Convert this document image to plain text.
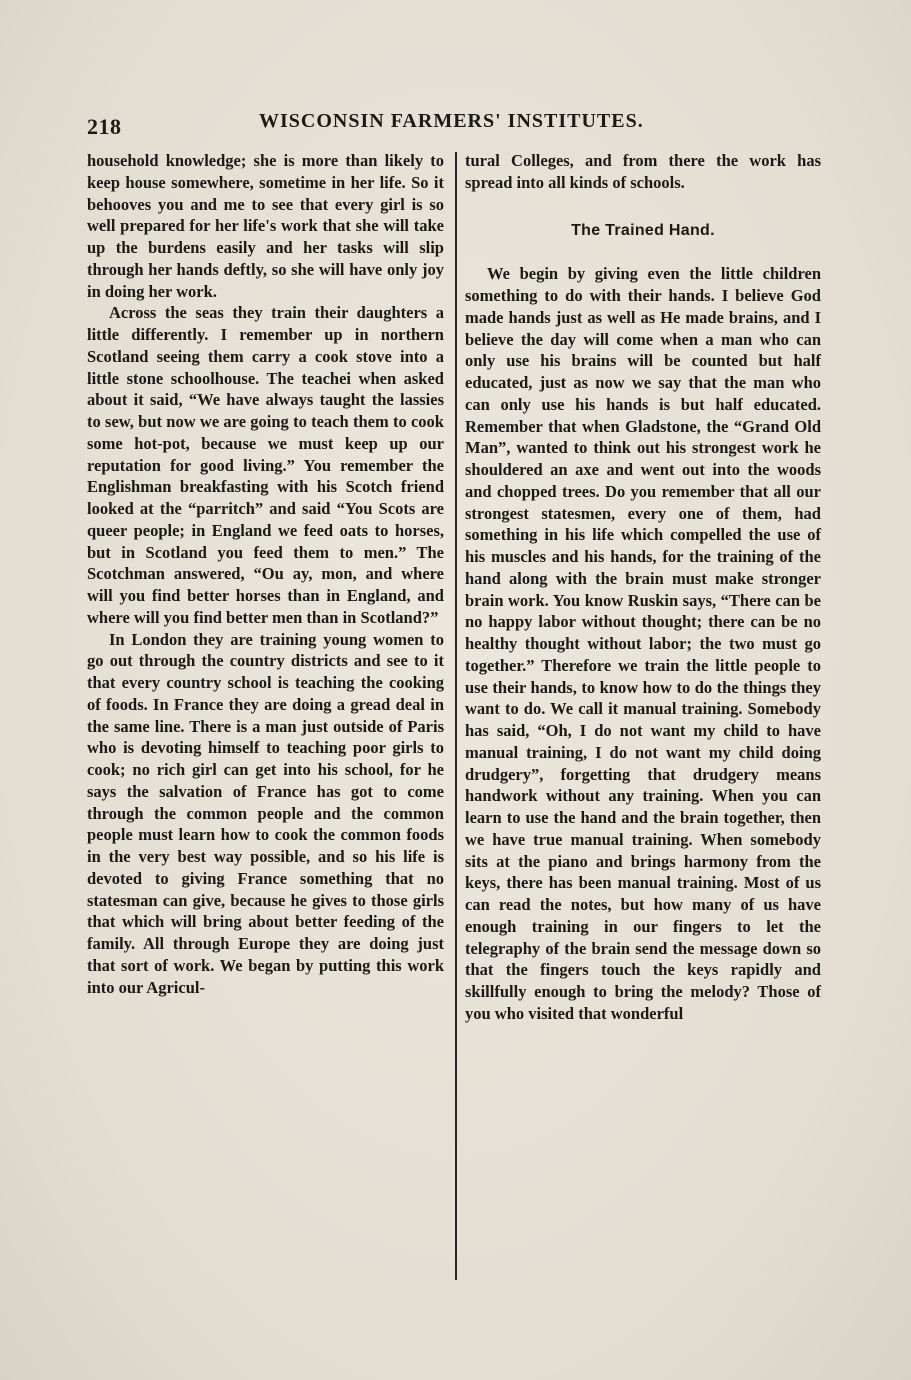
218	WISCONSIN FARMERS' INSTITUTES.

household knowledge; she is more than likely to keep house somewhere, sometime in her life. So it behooves you and me to see that every girl is so well prepared for her life's work that she will take up the burdens easily and her tasks will slip through her hands deftly, so she will have only joy in doing her work.

Across the seas they train their daughters a little differently. I remember up in northern Scotland seeing them carry a cook stove into a little stone schoolhouse. The teachei when asked about it said, “We have always taught the lassies to sew, but now we are going to teach them to cook some hot-pot, because we must keep up our reputation for good living.” You remember the Englishman breakfasting with his Scotch friend looked at the “parritch” and said “You Scots are queer people; in England we feed oats to horses, but in Scotland you feed them to men.” The Scotchman answered, “Ou ay, mon, and where will you find better horses than in England, and where will you find better men than in Scotland?”

In London they are training young women to go out through the country districts and see to it that every country school is teaching the cooking of foods. In France they are doing a gread deal in the same line. There is a man just outside of Paris who is devoting himself to teaching poor girls to cook; no rich girl can get into his school, for he says the salvation of France has got to come through the common people and the common people must learn how to cook the common foods in the very best way possible, and so his life is devoted to giving France something that no statesman can give, because he gives to those girls that which will bring about better feeding of the family. All through Europe they are doing just that sort of work. We began by putting this work into our Agricul-

tural Colleges, and from there the work has spread into all kinds of schools.

The Trained Hand.

We begin by giving even the little children something to do with their hands. I believe God made hands just as well as He made brains, and I believe the day will come when a man who can only use his brains will be counted but half educated, just as now we say that the man who can only use his hands is but half educated. Remember that when Gladstone, the “Grand Old Man”, wanted to think out his strongest work he shouldered an axe and went out into the woods and chopped trees. Do you remember that all our strongest statesmen, every one of them, had something in his life which compelled the use of his muscles and his hands, for the training of the hand along with the brain must make stronger brain work. You know Ruskin says, “There can be no happy labor without thought; there can be no healthy thought without labor; the two must go together.” Therefore we train the little people to use their hands, to know how to do the things they want to do. We call it manual training. Somebody has said, “Oh, I do not want my child to have manual training, I do not want my child doing drudgery”, forgetting that drudgery means handwork without any training. When you can learn to use the hand and the brain together, then we have true manual training. When somebody sits at the piano and brings harmony from the keys, there has been manual training. Most of us can read the notes, but how many of us have enough training in our fingers to let the telegraphy of the brain send the message down so that the fingers touch the keys rapidly and skillfully enough to bring the melody? Those of you who visited that wonderful
